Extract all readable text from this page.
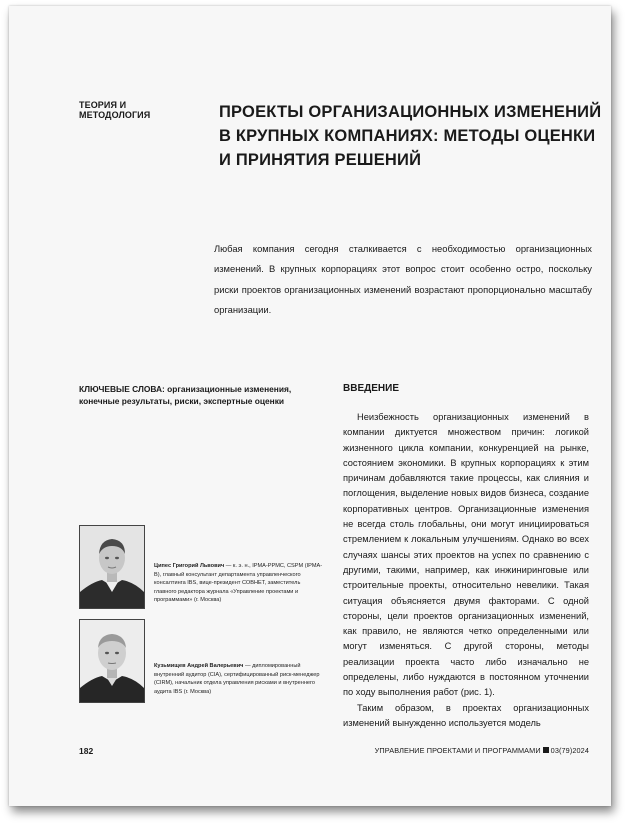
ТЕОРИЯ И МЕТОДОЛОГИЯ	ПРОЕКТЫ ОРГАНИЗАЦИОННЫХ ИЗМЕНЕНИЙ
В КРУПНЫХ КОМПАНИЯХ: МЕТОДЫ ОЦЕНКИ
И ПРИНЯТИЯ РЕШЕНИЙ
Любая компания сегодня сталкивается с необходимостью организационных изменений. В крупных корпорациях этот вопрос стоит особенно остро, поскольку риски проектов организационных изменений возрастают пропорционально масштабу организации.
КЛЮЧЕВЫЕ СЛОВА: организационные изменения, конечные результаты, риски, экспертные оценки
ВВЕДЕНИЕ

Неизбежность организационных изменений в компании диктуется множеством причин: логикой жизненного цикла компании, конкуренцией на рынке, состоянием экономики. В крупных корпорациях к этим причинам добавляются такие процессы, как слияния и поглощения, выделение новых видов бизнеса, создание корпоративных центров. Организационные изменения не всегда столь глобальны, они могут инициироваться стремлением к локальным улучшениям. Однако во всех случаях шансы этих проектов на успех по сравнению с другими, такими, например, как инжиниринговые или строительные проекты, относительно невелики. Такая ситуация объясняется двумя факторами. С одной стороны, цели проектов организационных изменений, как правило, не являются четко определенными или могут изменяться. С другой стороны, методы реализации проекта часто либо изначально не определены, либо нуждаются в постоянном уточнении по ходу выполнения работ (рис. 1).

Таким образом, в проектах организационных изменений вынужденно используется модель

Ципес Григорий Львович — к. э. н., IPMA-PPMC, CSPM (IPMA-B), главный консультант департамента управленческого консалтинга IBS, вице-президент СОВНЕТ, заместитель главного редактора журнала «Управление проектами и программами» (г. Москва)
Кузьмищев Андрей Валерьевич — дипломированный внутренний аудитор (CIA), сертифицированный риск-менеджер (CIRM), начальник отдела управления рисками и внутреннего аудита IBS (г. Москва)
182	УПРАВЛЕНИЕ ПРОЕКТАМИ И ПРОГРАММАМИ 03(79)2024
